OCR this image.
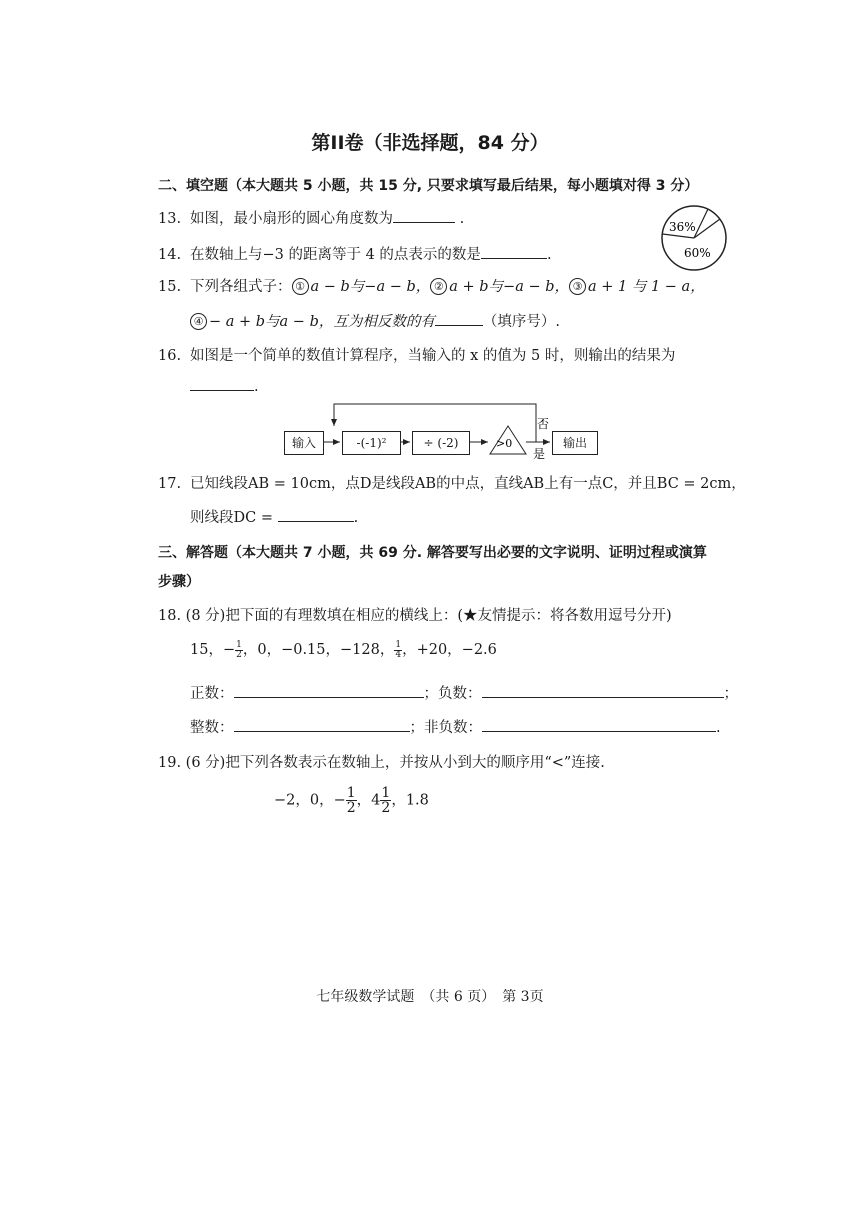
第II卷（非选择题，84 分）
二、填空题（本大题共 5 小题，共 15 分, 只要求填写最后结果，每小题填对得 3 分）
13. 如图，最小扇形的圆心角度数为	.	36%
60%
14. 在数轴上与−3 的距离等于 4 的点表示的数是	.
15. 下列各组式子： ① a − b与−a − b， ② a + b与−a − b， ③ a + 1 与 1 − a，
④ − a + b与a − b，互为相反数的有	（填序号）.
16. 如图是一个简单的数值计算程序，当输入的 x 的值为 5 时，则输出的结果为
.
>0
否
是
输入	-(-1)²	÷ (-2)	输出
17. 已知线段AB = 10cm，点D是线段AB的中点，直线AB上有一点C，并且BC = 2cm，
则线段DC =	.
三、解答题（本大题共 7 小题，共 69 分. 解答要写出必要的文字说明、证明过程或演算
步骤）
18. (8 分)把下面的有理数填在相应的横线上：(★友情提示：将各数用逗号分开)
15，− $\frac{1}{2}$ ，0，−0.15，−128， $\frac{1}{4}$ ，+20，−2.6
正数：	；负数：	；
整数：	；非负数：	.
19. (6 分)把下列各数表示在数轴上，并按从小到大的顺序用“<”连接.
−2，0，− $\frac{1}{2}$ ，$4 \frac{1}{2}$ ，1.8
七年级数学试题　（共 6 页）　第 3页
